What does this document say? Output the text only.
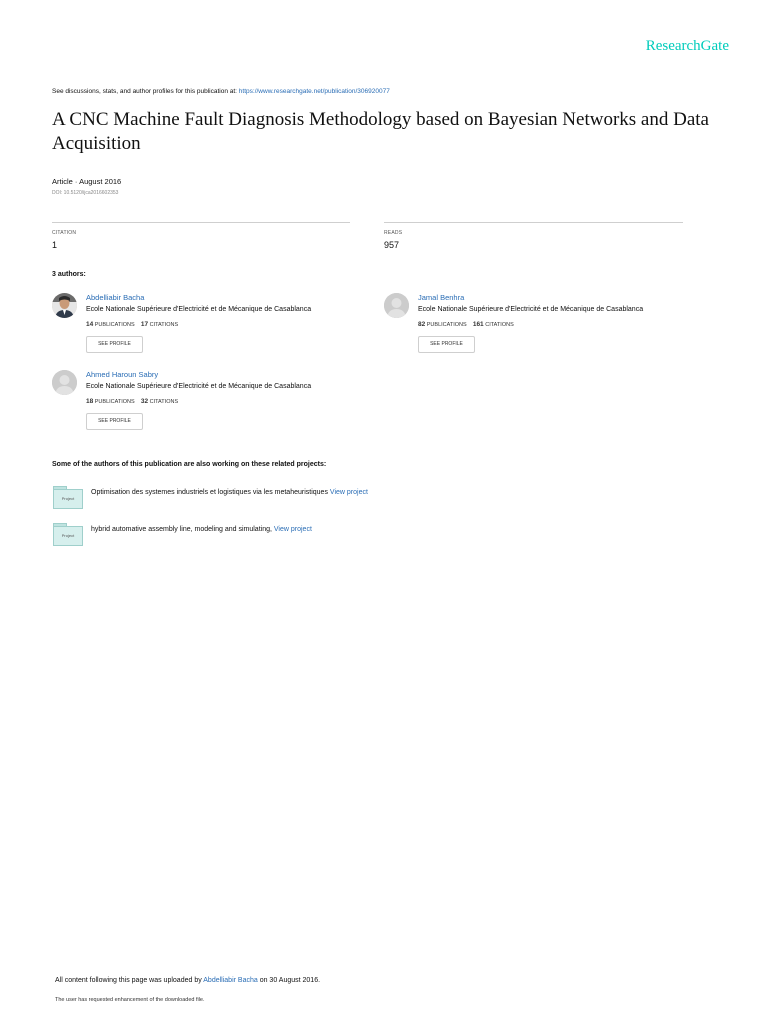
ResearchGate
See discussions, stats, and author profiles for this publication at: https://www.researchgate.net/publication/306920077
A CNC Machine Fault Diagnosis Methodology based on Bayesian Networks and Data Acquisition
Article · August 2016
DOI: 10.5120/ijca2016602353
CITATION
1
READS
957
3 authors:
Abdelliabir Bacha
Ecole Nationale Supérieure d'Electricité et de Mécanique de Casablanca
14 PUBLICATIONS 17 CITATIONS
SEE PROFILE
Jamal Benhra
Ecole Nationale Supérieure d'Electricité et de Mécanique de Casablanca
82 PUBLICATIONS 161 CITATIONS
SEE PROFILE
Ahmed Haroun Sabry
Ecole Nationale Supérieure d'Electricité et de Mécanique de Casablanca
18 PUBLICATIONS 32 CITATIONS
SEE PROFILE
Some of the authors of this publication are also working on these related projects:
Project
Optimisation des systemes industriels et logistiques via les metaheuristiques View project
Project
hybrid automative assembly line, modeling and simulating, View project
All content following this page was uploaded by Abdelliabir Bacha on 30 August 2016.
The user has requested enhancement of the downloaded file.
